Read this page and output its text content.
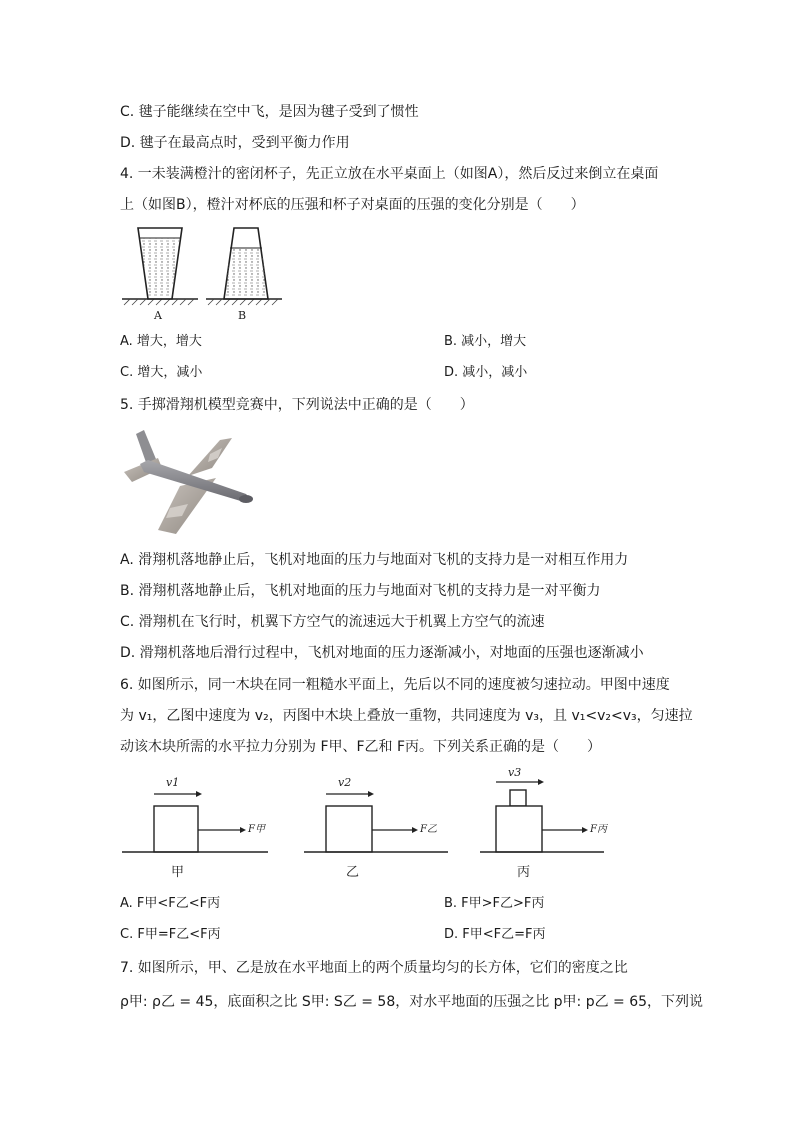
C. 毽子能继续在空中飞，是因为毽子受到了惯性
D. 毽子在最高点时，受到平衡力作用
4. 一未装满橙汁的密闭杯子，先正立放在水平桌面上（如图A），然后反过来倒立在桌面
上（如图B），橙汁对杯底的压强和杯子对桌面的压强的变化分别是（　　）
A	B
A. 增大，增大	B. 减小，增大
C. 增大，减小	D. 减小，减小
5. 手掷滑翔机模型竞赛中，下列说法中正确的是（　　）
A. 滑翔机落地静止后，飞机对地面的压力与地面对飞机的支持力是一对相互作用力
B. 滑翔机落地静止后，飞机对地面的压力与地面对飞机的支持力是一对平衡力
C. 滑翔机在飞行时，机翼下方空气的流速远大于机翼上方空气的流速
D. 滑翔机落地后滑行过程中，飞机对地面的压力逐渐减小，对地面的压强也逐渐减小
6. 如图所示，同一木块在同一粗糙水平面上，先后以不同的速度被匀速拉动。甲图中速度
为 v₁，乙图中速度为 v₂，丙图中木块上叠放一重物，共同速度为 v₃，且 v₁<v₂<v₃，匀速拉
动该木块所需的水平拉力分别为 F甲、F乙和 F丙。下列关系正确的是（　　）
v1
F甲
甲
v2
F乙
乙
v3
F丙
丙
A. F甲<F乙<F丙	B. F甲>F乙>F丙
C. F甲=F乙<F丙	D. F甲<F乙=F丙
7. 如图所示，甲、乙是放在水平地面上的两个质量均匀的长方体，它们的密度之比
ρ甲: ρ乙 = 45，底面积之比 S甲: S乙 = 58，对水平地面的压强之比 p甲: p乙 = 65，下列说
